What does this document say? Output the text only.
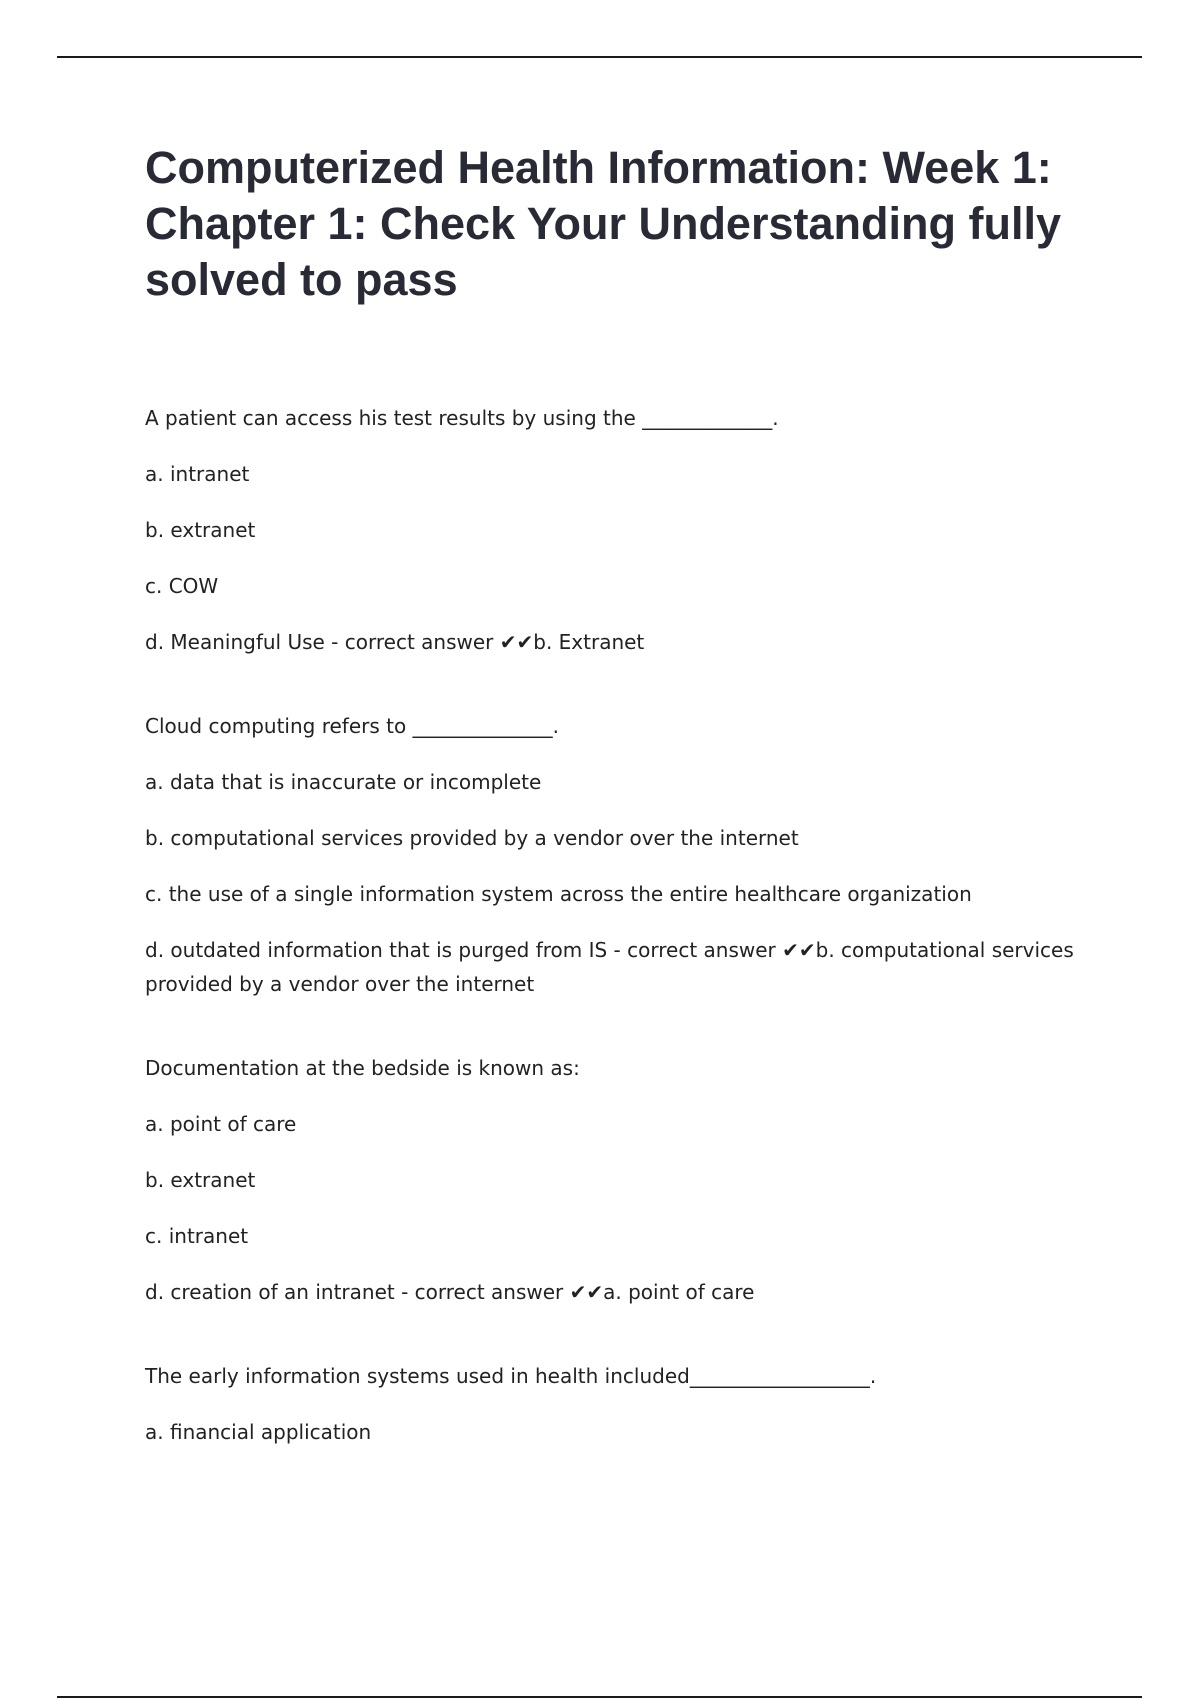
Computerized Health Information: Week 1: Chapter 1: Check Your Understanding fully solved to pass

A patient can access his test results by using the _____________.

a. intranet

b. extranet

c. COW

d. Meaningful Use - correct answer ✔✔b. Extranet

Cloud computing refers to ______________.

a. data that is inaccurate or incomplete

b. computational services provided by a vendor over the internet

c. the use of a single information system across the entire healthcare organization

d. outdated information that is purged from IS - correct answer ✔✔b. computational services provided by a vendor over the internet

Documentation at the bedside is known as:

a. point of care

b. extranet

c. intranet

d. creation of an intranet - correct answer ✔✔a. point of care

The early information systems used in health included__________________.

a. financial application
